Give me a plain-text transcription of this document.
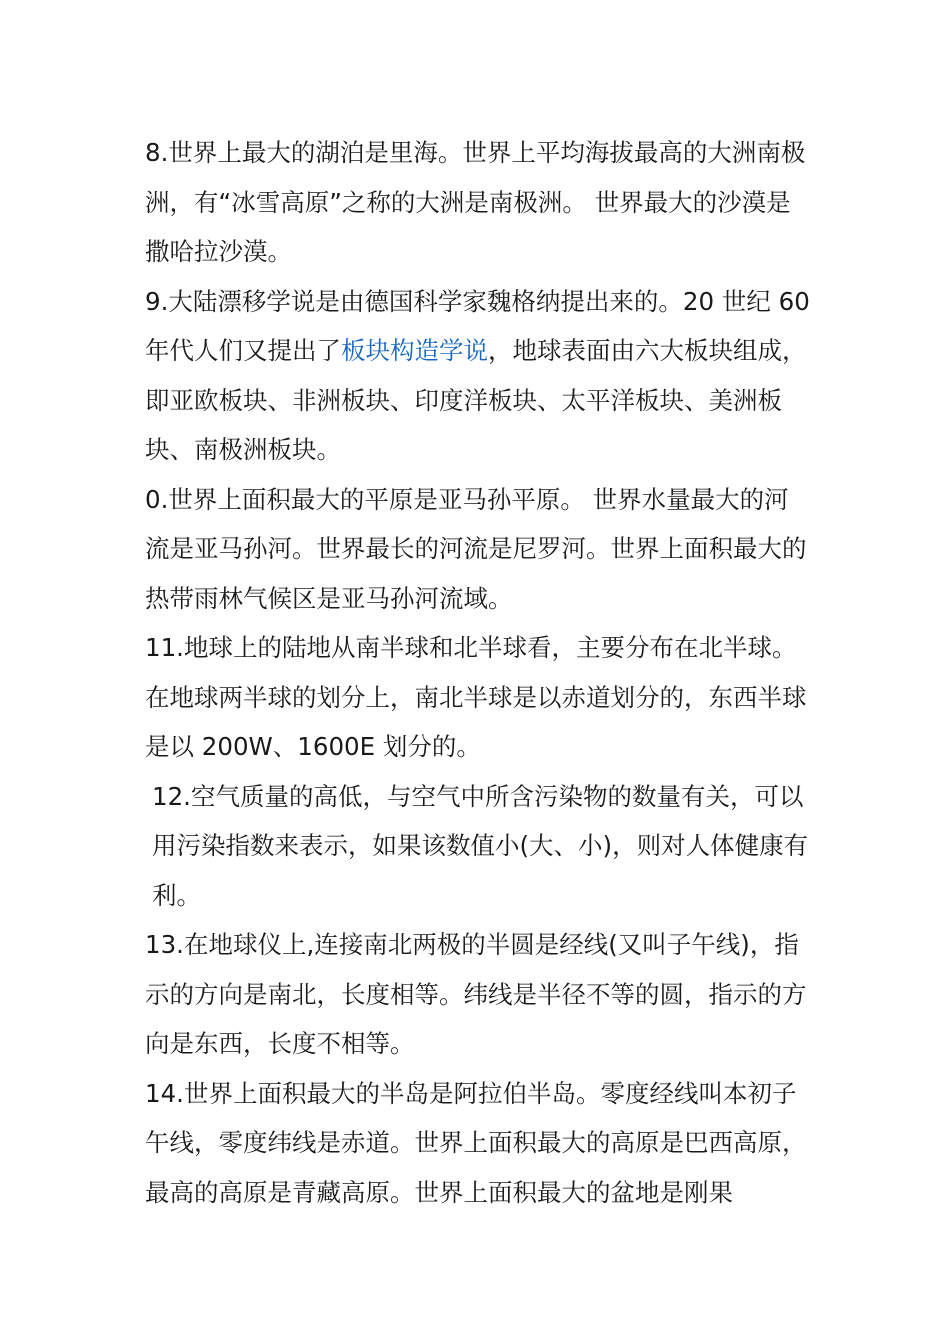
8.世界上最大的湖泊是里海。世界上平均海拔最高的大洲南极洲，有“冰雪高原”之称的大洲是南极洲。 世界最大的沙漠是撒哈拉沙漠。

9.大陆漂移学说是由德国科学家魏格纳提出来的。20 世纪 60 年代人们又提出了板块构造学说，地球表面由六大板块组成，即亚欧板块、非洲板块、印度洋板块、太平洋板块、美洲板块、南极洲板块。

0.世界上面积最大的平原是亚马孙平原。 世界水量最大的河流是亚马孙河。世界最长的河流是尼罗河。世界上面积最大的热带雨林气候区是亚马孙河流域。

11.地球上的陆地从南半球和北半球看，主要分布在北半球。在地球两半球的划分上，南北半球是以赤道划分的，东西半球是以 200W、1600E 划分的。

12.空气质量的高低，与空气中所含污染物的数量有关，可以用污染指数来表示，如果该数值小(大、小)，则对人体健康有利。

13.在地球仪上,连接南北两极的半圆是经线(又叫子午线)，指示的方向是南北，长度相等。纬线是半径不等的圆，指示的方向是东西，长度不相等。

14.世界上面积最大的半岛是阿拉伯半岛。零度经线叫本初子午线，零度纬线是赤道。世界上面积最大的高原是巴西高原，最高的高原是青藏高原。世界上面积最大的盆地是刚果
